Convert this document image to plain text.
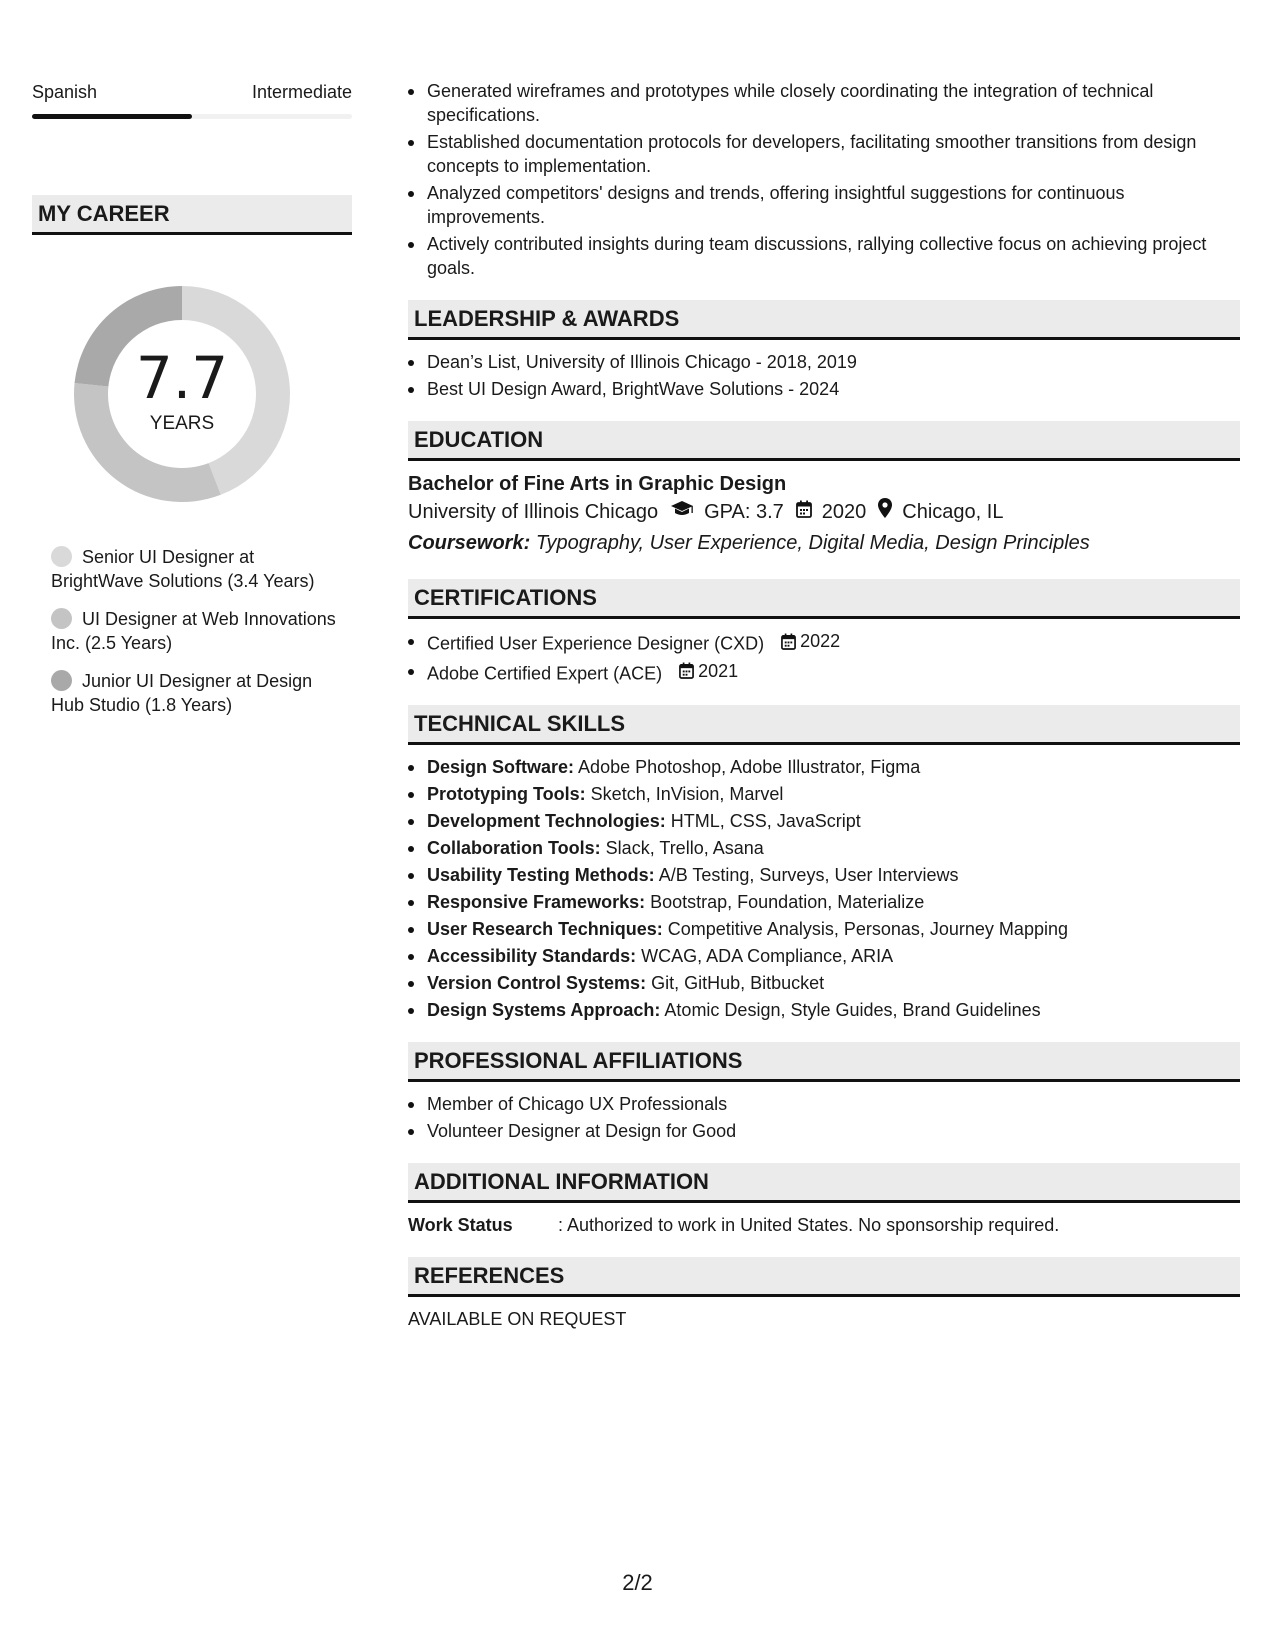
Spanish	Intermediate
MY CAREER
7.7
YEARS
Senior UI Designer at BrightWave Solutions (3.4 Years)
UI Designer at Web Innovations Inc. (2.5 Years)
Junior UI Designer at Design Hub Studio (1.8 Years)
Generated wireframes and prototypes while closely coordinating the integration of technical specifications.
Established documentation protocols for developers, facilitating smoother transitions from design concepts to implementation.
Analyzed competitors' designs and trends, offering insightful suggestions for continuous improvements.
Actively contributed insights during team discussions, rallying collective focus on achieving project goals.
LEADERSHIP & AWARDS
Dean’s List, University of Illinois Chicago - 2018, 2019
Best UI Design Award, BrightWave Solutions - 2024
EDUCATION
Bachelor of Fine Arts in Graphic Design
University of Illinois Chicago GPA: 3.7 2020 Chicago, IL
Coursework: Typography, User Experience, Digital Media, Design Principles
CERTIFICATIONS
Certified User Experience Designer (CXD) 2022
Adobe Certified Expert (ACE) 2021
TECHNICAL SKILLS
Design Software: Adobe Photoshop, Adobe Illustrator, Figma
Prototyping Tools: Sketch, InVision, Marvel
Development Technologies: HTML, CSS, JavaScript
Collaboration Tools: Slack, Trello, Asana
Usability Testing Methods: A/B Testing, Surveys, User Interviews
Responsive Frameworks: Bootstrap, Foundation, Materialize
User Research Techniques: Competitive Analysis, Personas, Journey Mapping
Accessibility Standards: WCAG, ADA Compliance, ARIA
Version Control Systems: Git, GitHub, Bitbucket
Design Systems Approach: Atomic Design, Style Guides, Brand Guidelines
PROFESSIONAL AFFILIATIONS
Member of Chicago UX Professionals
Volunteer Designer at Design for Good
ADDITIONAL INFORMATION
Work Status	: Authorized to work in United States. No sponsorship required.
REFERENCES
AVAILABLE ON REQUEST
2/2
